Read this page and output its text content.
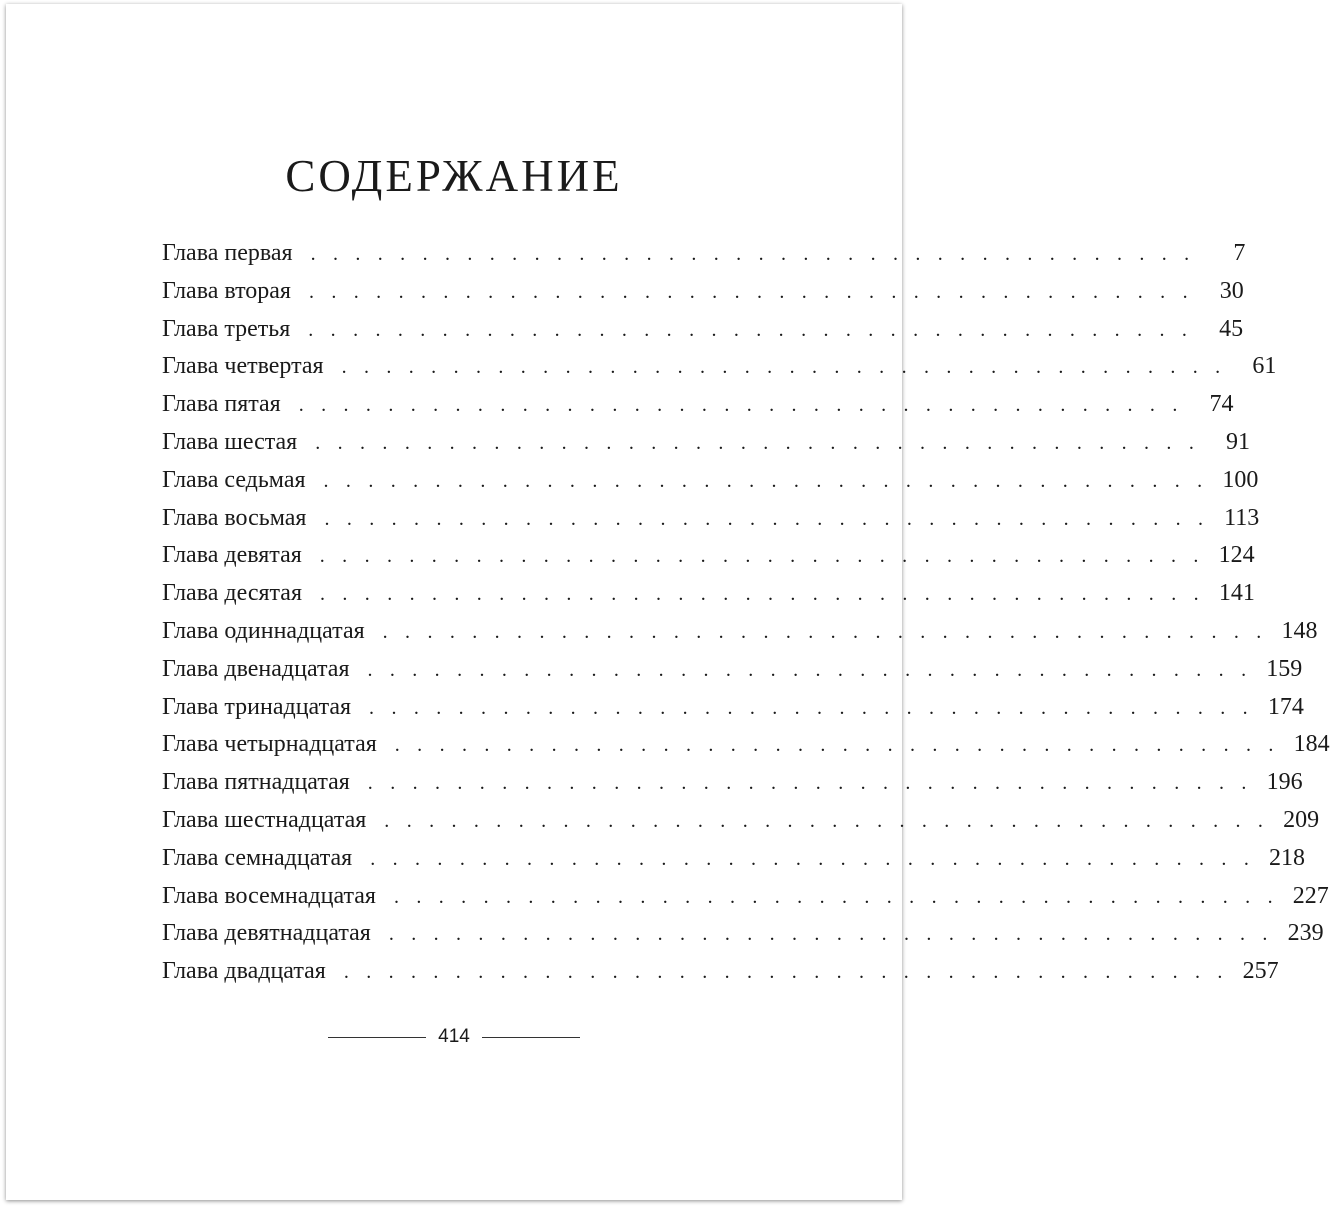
СОДЕРЖАНИЕ
Глава первая . . . . . . . . . . . . . . . . . . . . . . . . . . . . . . . . . . . . . . . .	7
Глава вторая . . . . . . . . . . . . . . . . . . . . . . . . . . . . . . . . . . . . . . . .	30
Глава третья . . . . . . . . . . . . . . . . . . . . . . . . . . . . . . . . . . . . . . . .	45
Глава четвертая . . . . . . . . . . . . . . . . . . . . . . . . . . . . . . . . . . . . . . . .	61
Глава пятая . . . . . . . . . . . . . . . . . . . . . . . . . . . . . . . . . . . . . . . .	74
Глава шестая . . . . . . . . . . . . . . . . . . . . . . . . . . . . . . . . . . . . . . . .	91
Глава седьмая . . . . . . . . . . . . . . . . . . . . . . . . . . . . . . . . . . . . . . . . 100
Глава восьмая . . . . . . . . . . . . . . . . . . . . . . . . . . . . . . . . . . . . . . . . 113
Глава девятая . . . . . . . . . . . . . . . . . . . . . . . . . . . . . . . . . . . . . . . . 124
Глава десятая . . . . . . . . . . . . . . . . . . . . . . . . . . . . . . . . . . . . . . . . 141
Глава одиннадцатая . . . . . . . . . . . . . . . . . . . . . . . . . . . . . . . . . . . . . . . . 148
Глава двенадцатая . . . . . . . . . . . . . . . . . . . . . . . . . . . . . . . . . . . . . . . . 159
Глава тринадцатая . . . . . . . . . . . . . . . . . . . . . . . . . . . . . . . . . . . . . . . . 174
Глава четырнадцатая . . . . . . . . . . . . . . . . . . . . . . . . . . . . . . . . . . . . . . . . 184
Глава пятнадцатая . . . . . . . . . . . . . . . . . . . . . . . . . . . . . . . . . . . . . . . . 196
Глава шестнадцатая . . . . . . . . . . . . . . . . . . . . . . . . . . . . . . . . . . . . . . . . 209
Глава семнадцатая . . . . . . . . . . . . . . . . . . . . . . . . . . . . . . . . . . . . . . . . 218
Глава восемнадцатая . . . . . . . . . . . . . . . . . . . . . . . . . . . . . . . . . . . . . . . . 227
Глава девятнадцатая . . . . . . . . . . . . . . . . . . . . . . . . . . . . . . . . . . . . . . . . 239
Глава двадцатая . . . . . . . . . . . . . . . . . . . . . . . . . . . . . . . . . . . . . . . . 257
414
